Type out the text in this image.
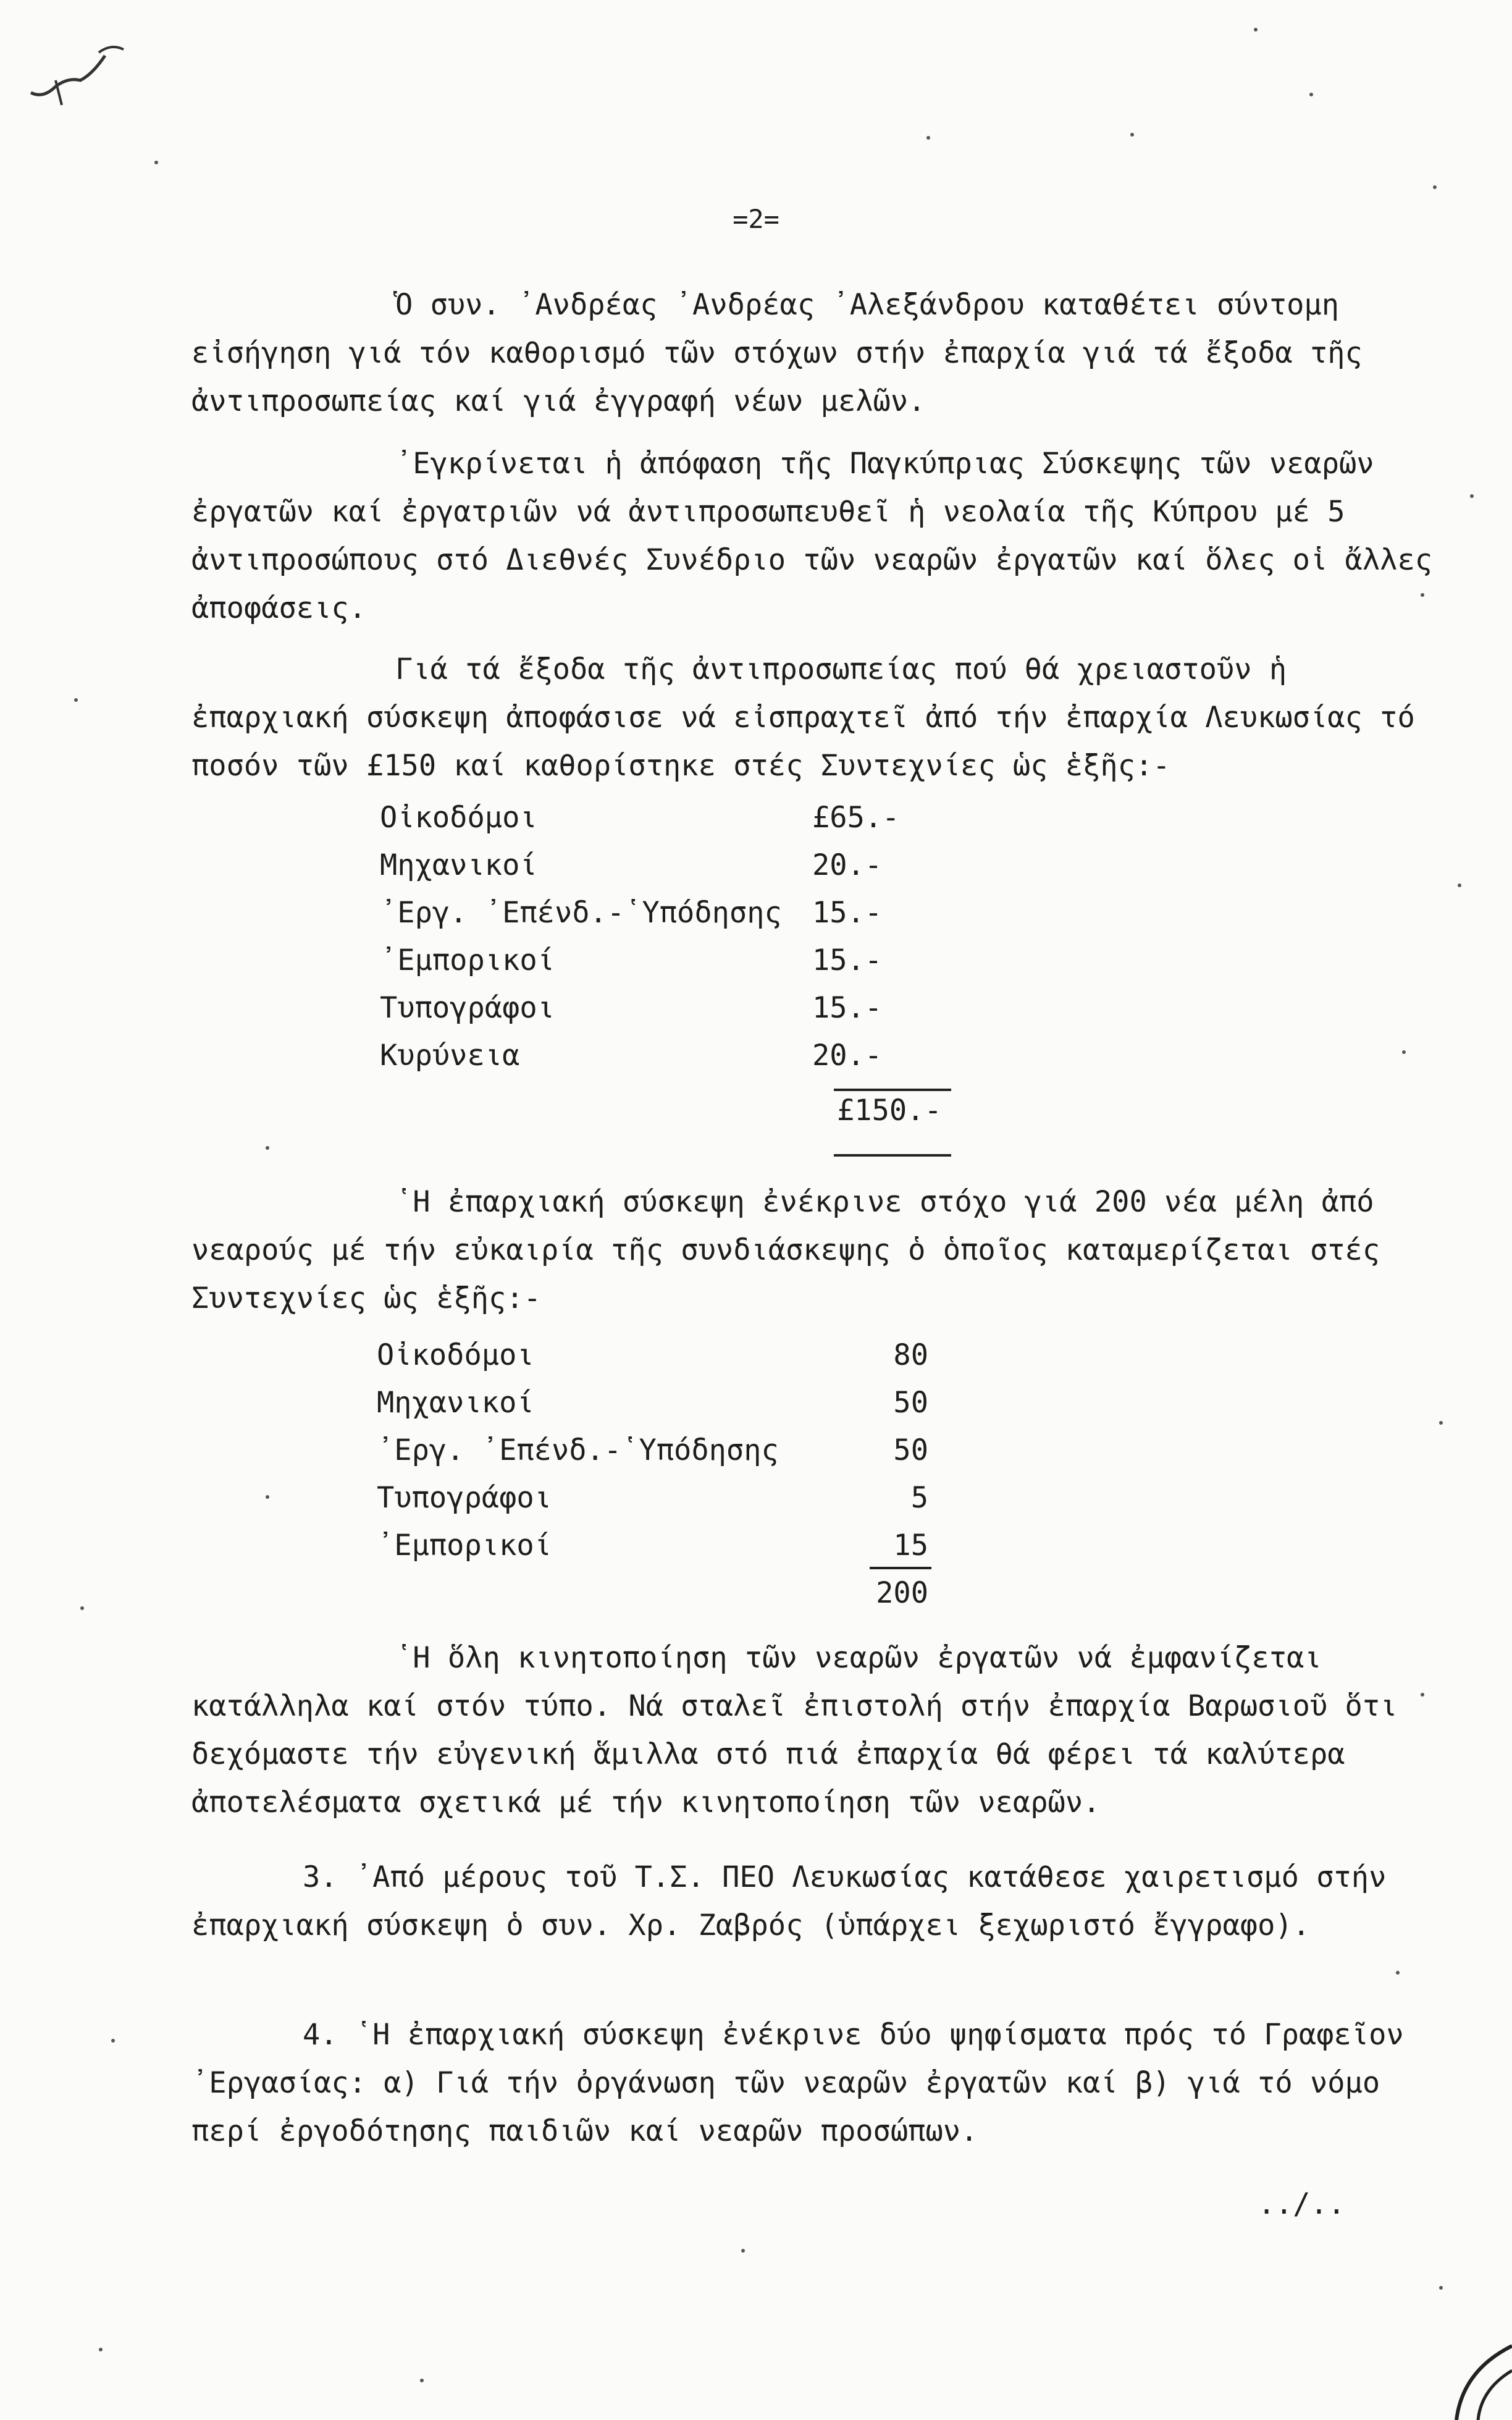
=2=

Ὁ συν. ᾿Ανδρέας ᾿Ανδρέας ᾿Αλεξάνδρου καταθέτει σύντομη εἰσήγηση γιά τόν καθορισμό τῶν στόχων στήν ἐπαρχία γιά τά ἔξοδα τῆς ἀντιπροσωπείας καί γιά ἐγγραφή νέων μελῶν.

᾿Εγκρίνεται ἡ ἀπόφαση τῆς Παγκύπριας Σύσκεψης τῶν νεαρῶν ἐργατῶν καί ἐργατριῶν νά ἀντιπροσωπευθεῖ ἡ νεολαία τῆς Κύπρου μέ 5 ἀντιπροσώπους στό Διεθνές Συνέδριο τῶν νεαρῶν ἐργατῶν καί ὅλες οἱ ἄλλες ἀποφάσεις.

Γιά τά ἔξοδα τῆς ἀντιπροσωπείας πού θά χρειαστοῦν ἡ ἐπαρχιακή σύσκεψη ἀποφάσισε νά εἰσπραχτεῖ ἀπό τήν ἐπαρχία Λευκωσίας τό ποσόν τῶν £150 καί καθορίστηκε στές Συντεχνίες ὡς ἑξῆς:-

Οἰκοδόμοι	£65.-
Μηχανικοί	20.-
᾿Εργ. ᾿Επένδ.-῾Υπόδησης 15.-
᾿Εμπορικοί	15.-
Τυπογράφοι	15.-
Κυρύνεια	20.-
£150.-

῾Η ἐπαρχιακή σύσκεψη ἐνέκρινε στόχο γιά 200 νέα μέλη ἀπό νεαρούς μέ τήν εὐκαιρία τῆς συνδιάσκεψης ὁ ὁποῖος καταμερίζεται στές Συντεχνίες ὡς ἑξῆς:-

Οἰκοδόμοι	80
Μηχανικοί	50
᾿Εργ. ᾿Επένδ.-῾Υπόδησης	50
Τυπογράφοι	5
᾿Εμπορικοί	15
200

῾Η ὅλη κινητοποίηση τῶν νεαρῶν ἐργατῶν νά ἐμφανίζεται κατάλληλα καί στόν τύπο. Νά σταλεῖ ἐπιστολή στήν ἐπαρχία Βαρωσιοῦ ὅτι δεχόμαστε τήν εὐγενική ἅμιλλα στό πιά ἐπαρχία θά φέρει τά καλύτερα ἀποτελέσματα σχετικά μέ τήν κινητοποίηση τῶν νεαρῶν.

3. ᾿Από μέρους τοῦ Τ.Σ. ΠΕΟ Λευκωσίας κατάθεσε χαιρετισμό στήν ἐπαρχιακή σύσκεψη ὁ συν. Χρ. Ζαβρός (ὑπάρχει ξεχωριστό ἔγγραφο).

4. ῾Η ἐπαρχιακή σύσκεψη ἐνέκρινε δύο ψηφίσματα πρός τό Γραφεῖον ᾿Εργασίας: α) Γιά τήν ὀργάνωση τῶν νεαρῶν ἐργατῶν καί β) γιά τό νόμο περί ἐργοδότησης παιδιῶν καί νεαρῶν προσώπων.

../..
